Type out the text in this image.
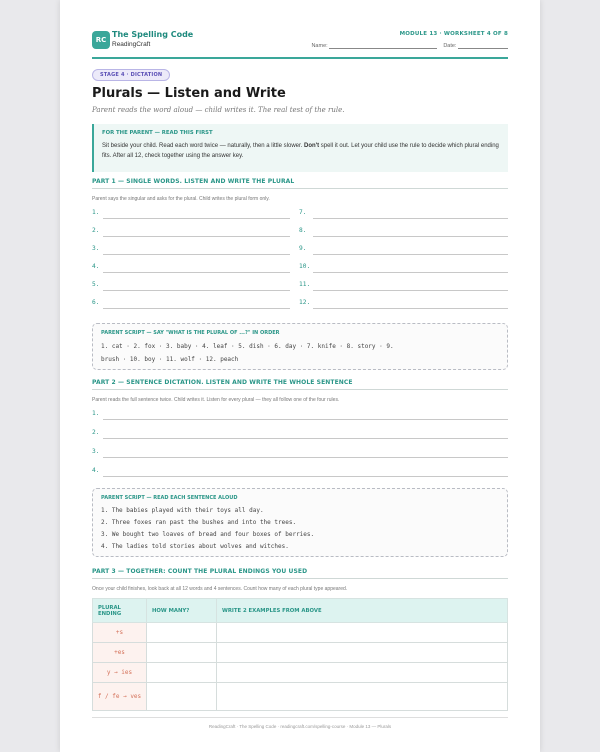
RC
The Spelling Code
ReadingCraft
MODULE 13 · WORKSHEET 4 OF 8
Name:	Date:
STAGE 4 · DICTATION
Plurals — Listen and Write
Parent reads the word aloud — child writes it. The real test of the rule.
FOR THE PARENT — READ THIS FIRST
Sit beside your child. Read each word twice — naturally, then a little slower. Don't spell it out. Let your child use the rule to decide which plural ending fits. After all 12, check together using the answer key.
PART 1 — SINGLE WORDS. LISTEN AND WRITE THE PLURAL
Parent says the singular and asks for the plural. Child writes the plural form only.
1.
2.
3.
4.
5.
6.
7.
8.
9.
10.
11.
12.
PARENT SCRIPT — SAY "WHAT IS THE PLURAL OF ...?" IN ORDER
1. cat · 2. fox · 3. baby · 4. leaf · 5. dish · 6. day · 7. knife · 8. story · 9.
brush · 10. boy · 11. wolf · 12. peach
PART 2 — SENTENCE DICTATION. LISTEN AND WRITE THE WHOLE SENTENCE
Parent reads the full sentence twice. Child writes it. Listen for every plural — they all follow one of the four rules.
1.
2.
3.
4.
PARENT SCRIPT — READ EACH SENTENCE ALOUD
1. The babies played with their toys all day.
2. Three foxes ran past the bushes and into the trees.
3. We bought two loaves of bread and four boxes of berries.
4. The ladies told stories about wolves and witches.
PART 3 — TOGETHER: COUNT THE PLURAL ENDINGS YOU USED
Once your child finishes, look back at all 12 words and 4 sentences. Count how many of each plural type appeared.
PLURAL ENDING	HOW MANY?	WRITE 2 EXAMPLES FROM ABOVE
+s		
+es		
y → ies		
f / fe → ves		
ReadingCraft · The Spelling Code · readingcraft.com/spelling-course · Module 13 — Plurals
